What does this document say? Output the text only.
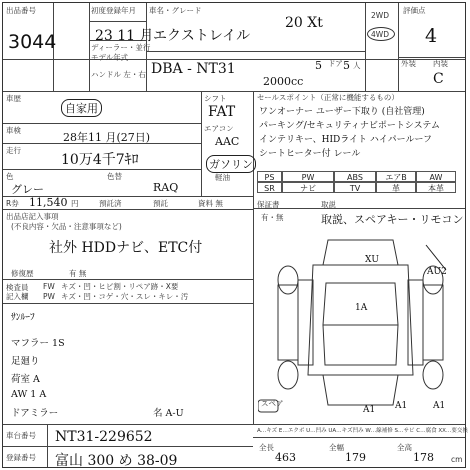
出品番号
3044
初度登録年月
23 11 月
ディーラー・並行
モデル年式
ハンドル 左・右
車名・グレード
エクストレイル
20 Xt
DBA - NT31
2000cc
5 ドア 5 人
2WD
4WD
評価点
4
外装 内装
C
車歴
自家用
車検
28年11 月(27日)
走行
10万4千7ｷﾛ
色
グレー
色替
RAQ
シフト
FAT
エアコン
AAC
ガソリン
軽油
セールスポイント（正常に機能するもの）
R券 11,540 円	預託済	預託	資料 無	保証書
有・無
取説
取説、スペアキー・リモコン
出品店記入事項
(不良内容・欠品・注意事項など)
社外 HDDナビ、ETC付
修復歴	有 無
検査員
記入欄
スペア
車台番号 NT31-229652
登録番号 富山 300 め 38-09
A…キズ E…エクボ U…凹み UA…キズ凹み W…線補修 S…サビ C…腐食 XX…要交換
全長
463
全幅
179
全高
178 cm
ワンオーナー ユーザー下取り (自社管理)
パーキング/セキュリティナビポートシステム
インテリキー、HIDライト ハイパールーフ
シートヒーター付 レール
PS	PW	ABS	エアB	AW
SR	ナビ	TV	革	本革
FW キズ・凹・ヒビ割・リペア跡・X要
PW キズ・凹・コゲ・穴・スレ・キレ・汚
ｻﾝﾙｰﾌ
マフラー 1S
足廻り
荷室 A
AW 1 A
ドアミラー	名 A-U
AU2
A1	A1
A1
1A
XU
